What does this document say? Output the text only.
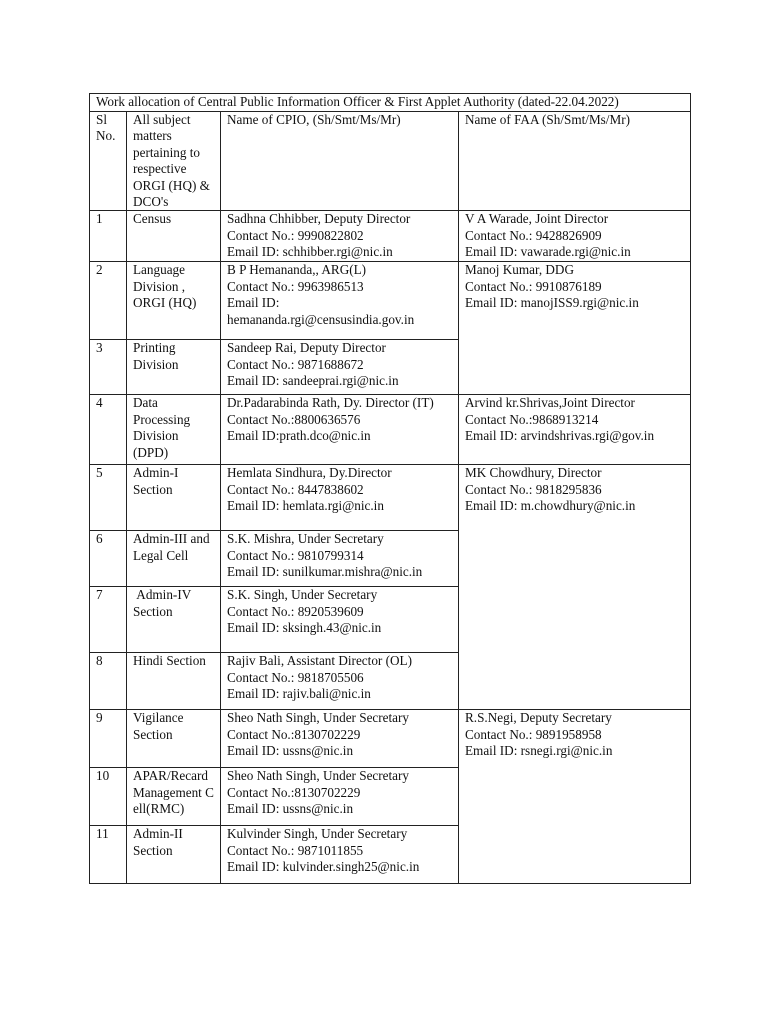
Work allocation of Central Public Information Officer & First Applet Authority (dated-22.04.2022)			

Sl
No.	All subject matters pertaining to respective ORGI (HQ) & DCO's	Name of CPIO, (Sh/Smt/Ms/Mr)	Name of FAA (Sh/Smt/Ms/Mr)

1	Census	Sadhna Chhibber, Deputy Director
Contact No.: 9990822802
Email ID: schhibber.rgi@nic.in	V A Warade, Joint Director
Contact No.: 9428826909
Email ID: vawarade.rgi@nic.in

2	Language Division , ORGI (HQ)	B P Hemananda,, ARG(L)
Contact No.: 9963986513
Email ID:
hemananda.rgi@censusindia.gov.in	Manoj Kumar, DDG
Contact No.: 9910876189
Email ID: manojISS9.rgi@nic.in

3	Printing Division	Sandeep Rai, Deputy Director
Contact No.: 9871688672
Email ID: sandeeprai.rgi@nic.in	

4	Data Processing Division (DPD)	Dr.Padarabinda Rath, Dy. Director (IT)
Contact No.:8800636576
Email ID:prath.dco@nic.in	Arvind kr.Shrivas,Joint Director
Contact No.:9868913214
Email ID: arvindshrivas.rgi@gov.in

5	Admin-I Section	Hemlata Sindhura, Dy.Director
Contact No.: 8447838602
Email ID: hemlata.rgi@nic.in	MK Chowdhury, Director
Contact No.: 9818295836
Email ID: m.chowdhury@nic.in

6	Admin-III and Legal Cell	S.K. Mishra, Under Secretary
Contact No.: 9810799314
Email ID: sunilkumar.mishra@nic.in	

7	Admin-IV Section	S.K. Singh, Under Secretary
Contact No.: 8920539609
Email ID: sksingh.43@nic.in	

8	Hindi Section	Rajiv Bali, Assistant Director (OL)
Contact No.: 9818705506
Email ID: rajiv.bali@nic.in	

9	Vigilance Section	Sheo Nath Singh, Under Secretary
Contact No.:8130702229
Email ID: ussns@nic.in	R.S.Negi, Deputy Secretary
Contact No.: 9891958958
Email ID: rsnegi.rgi@nic.in

10	APAR/Recard Management Cell(RMC)	Sheo Nath Singh, Under Secretary
Contact No.:8130702229
Email ID: ussns@nic.in	

11	Admin-II Section	Kulvinder Singh, Under Secretary
Contact No.: 9871011855
Email ID: kulvinder.singh25@nic.in	
